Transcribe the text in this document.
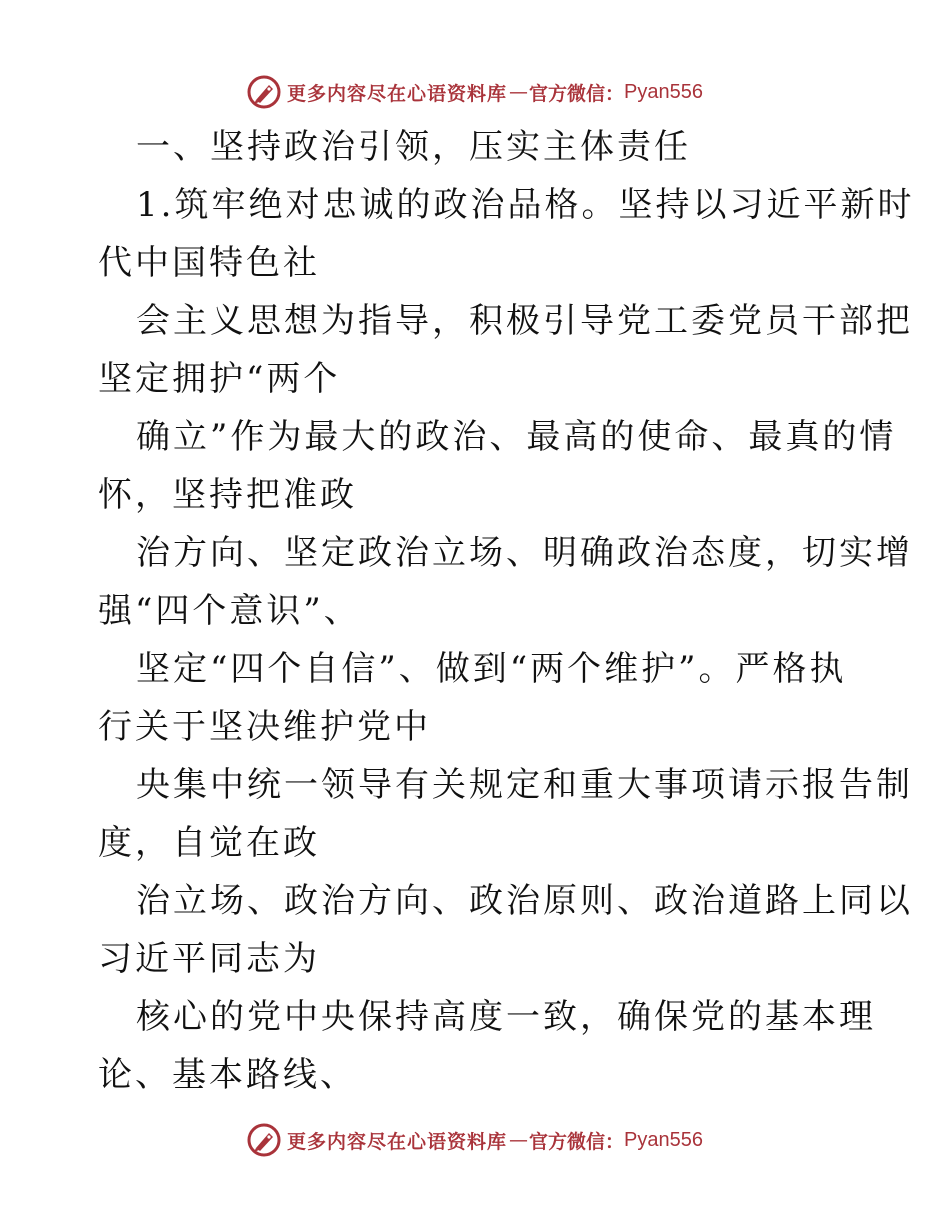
更多内容尽在心语资料库 — 官方微信： Pyan556
一、坚持政治引领，压实主体责任
1.筑牢绝对忠诚的政治品格。坚持以习近平新时
代中国特色社
会主义思想为指导，积极引导党工委党员干部把
坚定拥护“两个
确立”作为最大的政治、最高的使命、最真的情
怀，坚持把准政
治方向、坚定政治立场、明确政治态度，切实增
强“四个意识”、
坚定“四个自信”、做到“两个维护”。严格执
行关于坚决维护党中
央集中统一领导有关规定和重大事项请示报告制
度，自觉在政
治立场、政治方向、政治原则、政治道路上同以
习近平同志为
核心的党中央保持高度一致，确保党的基本理
论、基本路线、
更多内容尽在心语资料库 — 官方微信： Pyan556
